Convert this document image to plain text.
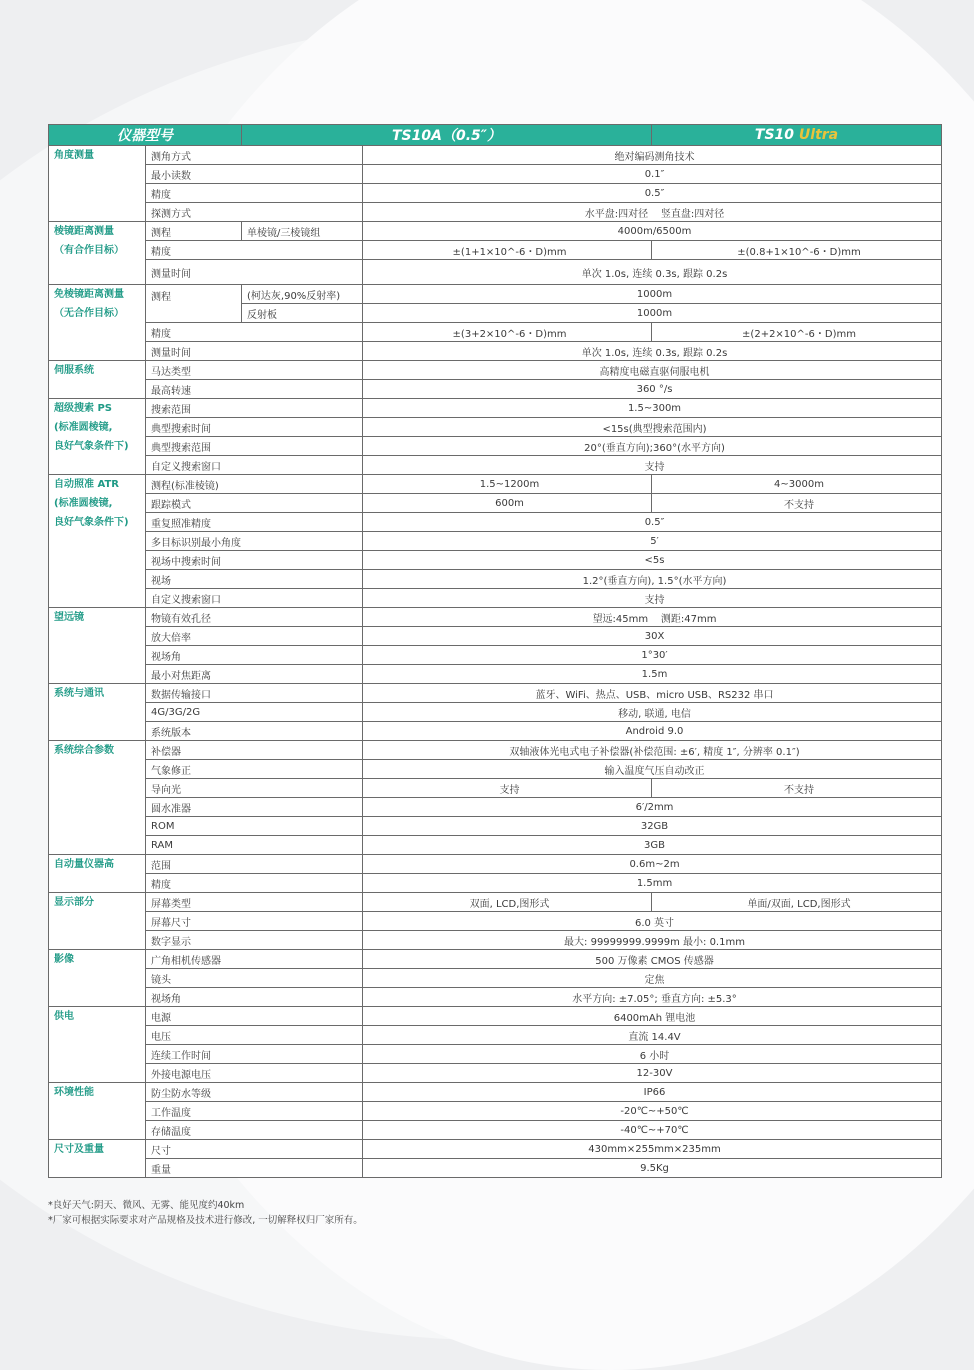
仪器型号		TS10A（0.5″）		TS10 Ultra
角度测量	测角方式		绝对编码测角技术	
	最小读数		0.1″	
	精度		0.5″	
	探测方式		水平盘:四对径    竖直盘:四对径	
棱镜距离测量
（有合作目标）	测程	单棱镜/三棱镜组	4000m/6500m	
	精度		±(1+1×10^-6・D)mm	±(0.8+1×10^-6・D)mm
	测量时间		单次 1.0s, 连续 0.3s, 跟踪 0.2s	
免棱镜距离测量
（无合作目标）	测程	(柯达灰,90%反射率)	1000m	
		反射板	1000m	
	精度		±(3+2×10^-6・D)mm	±(2+2×10^-6・D)mm
	测量时间		单次 1.0s, 连续 0.3s, 跟踪 0.2s	
伺服系统	马达类型		高精度电磁直驱伺服电机	
	最高转速		360 °/s	
超级搜索 PS
(标准圆棱镜,
良好气象条件下)	搜索范围		1.5~300m	
	典型搜索时间		<15s(典型搜索范围内)	
	典型搜索范围		20°(垂直方向);360°(水平方向)	
	自定义搜索窗口		支持	
自动照准 ATR
(标准圆棱镜,
良好气象条件下)	测程(标准棱镜)		1.5~1200m	4~3000m
	跟踪模式		600m	不支持
	重复照准精度		0.5″	
	多目标识别最小角度		5′	
	视场中搜索时间		<5s	
	视场		1.2°(垂直方向), 1.5°(水平方向)	
	自定义搜索窗口		支持	
望远镜	物镜有效孔径		望远:45mm    测距:47mm	
	放大倍率		30X	
	视场角		1°30′	
	最小对焦距离		1.5m	
系统与通讯	数据传输接口		蓝牙、WiFi、热点、USB、micro USB、RS232 串口	
	4G/3G/2G		移动, 联通, 电信	
	系统版本		Android 9.0	
系统综合参数	补偿器		双轴液体光电式电子补偿器(补偿范围: ±6′, 精度 1″, 分辨率 0.1″)	
	气象修正		输入温度气压自动改正	
	导向光		支持	不支持
	圆水准器		6′/2mm	
	ROM		32GB	
	RAM		3GB	
自动量仪器高	范围		0.6m~2m	
	精度		1.5mm	
显示部分	屏幕类型		双面, LCD,图形式	单面/双面, LCD,图形式
	屏幕尺寸		6.0 英寸	
	数字显示		最大: 99999999.9999m 最小: 0.1mm	
影像	广角相机传感器		500 万像素 CMOS 传感器	
	镜头		定焦	
	视场角		水平方向: ±7.05°; 垂直方向: ±5.3°	
供电	电源		6400mAh 锂电池	
	电压		直流 14.4V	
	连续工作时间		6 小时	
	外接电源电压		12-30V	
环境性能	防尘防水等级		IP66	
	工作温度		-20℃~+50℃	
	存储温度		-40℃~+70℃	
尺寸及重量	尺寸		430mm×255mm×235mm	
	重量		9.5Kg	
*良好天气:阴天、微风、无雾、能见度约40km
*厂家可根据实际要求对产品规格及技术进行修改, 一切解释权归厂家所有。
